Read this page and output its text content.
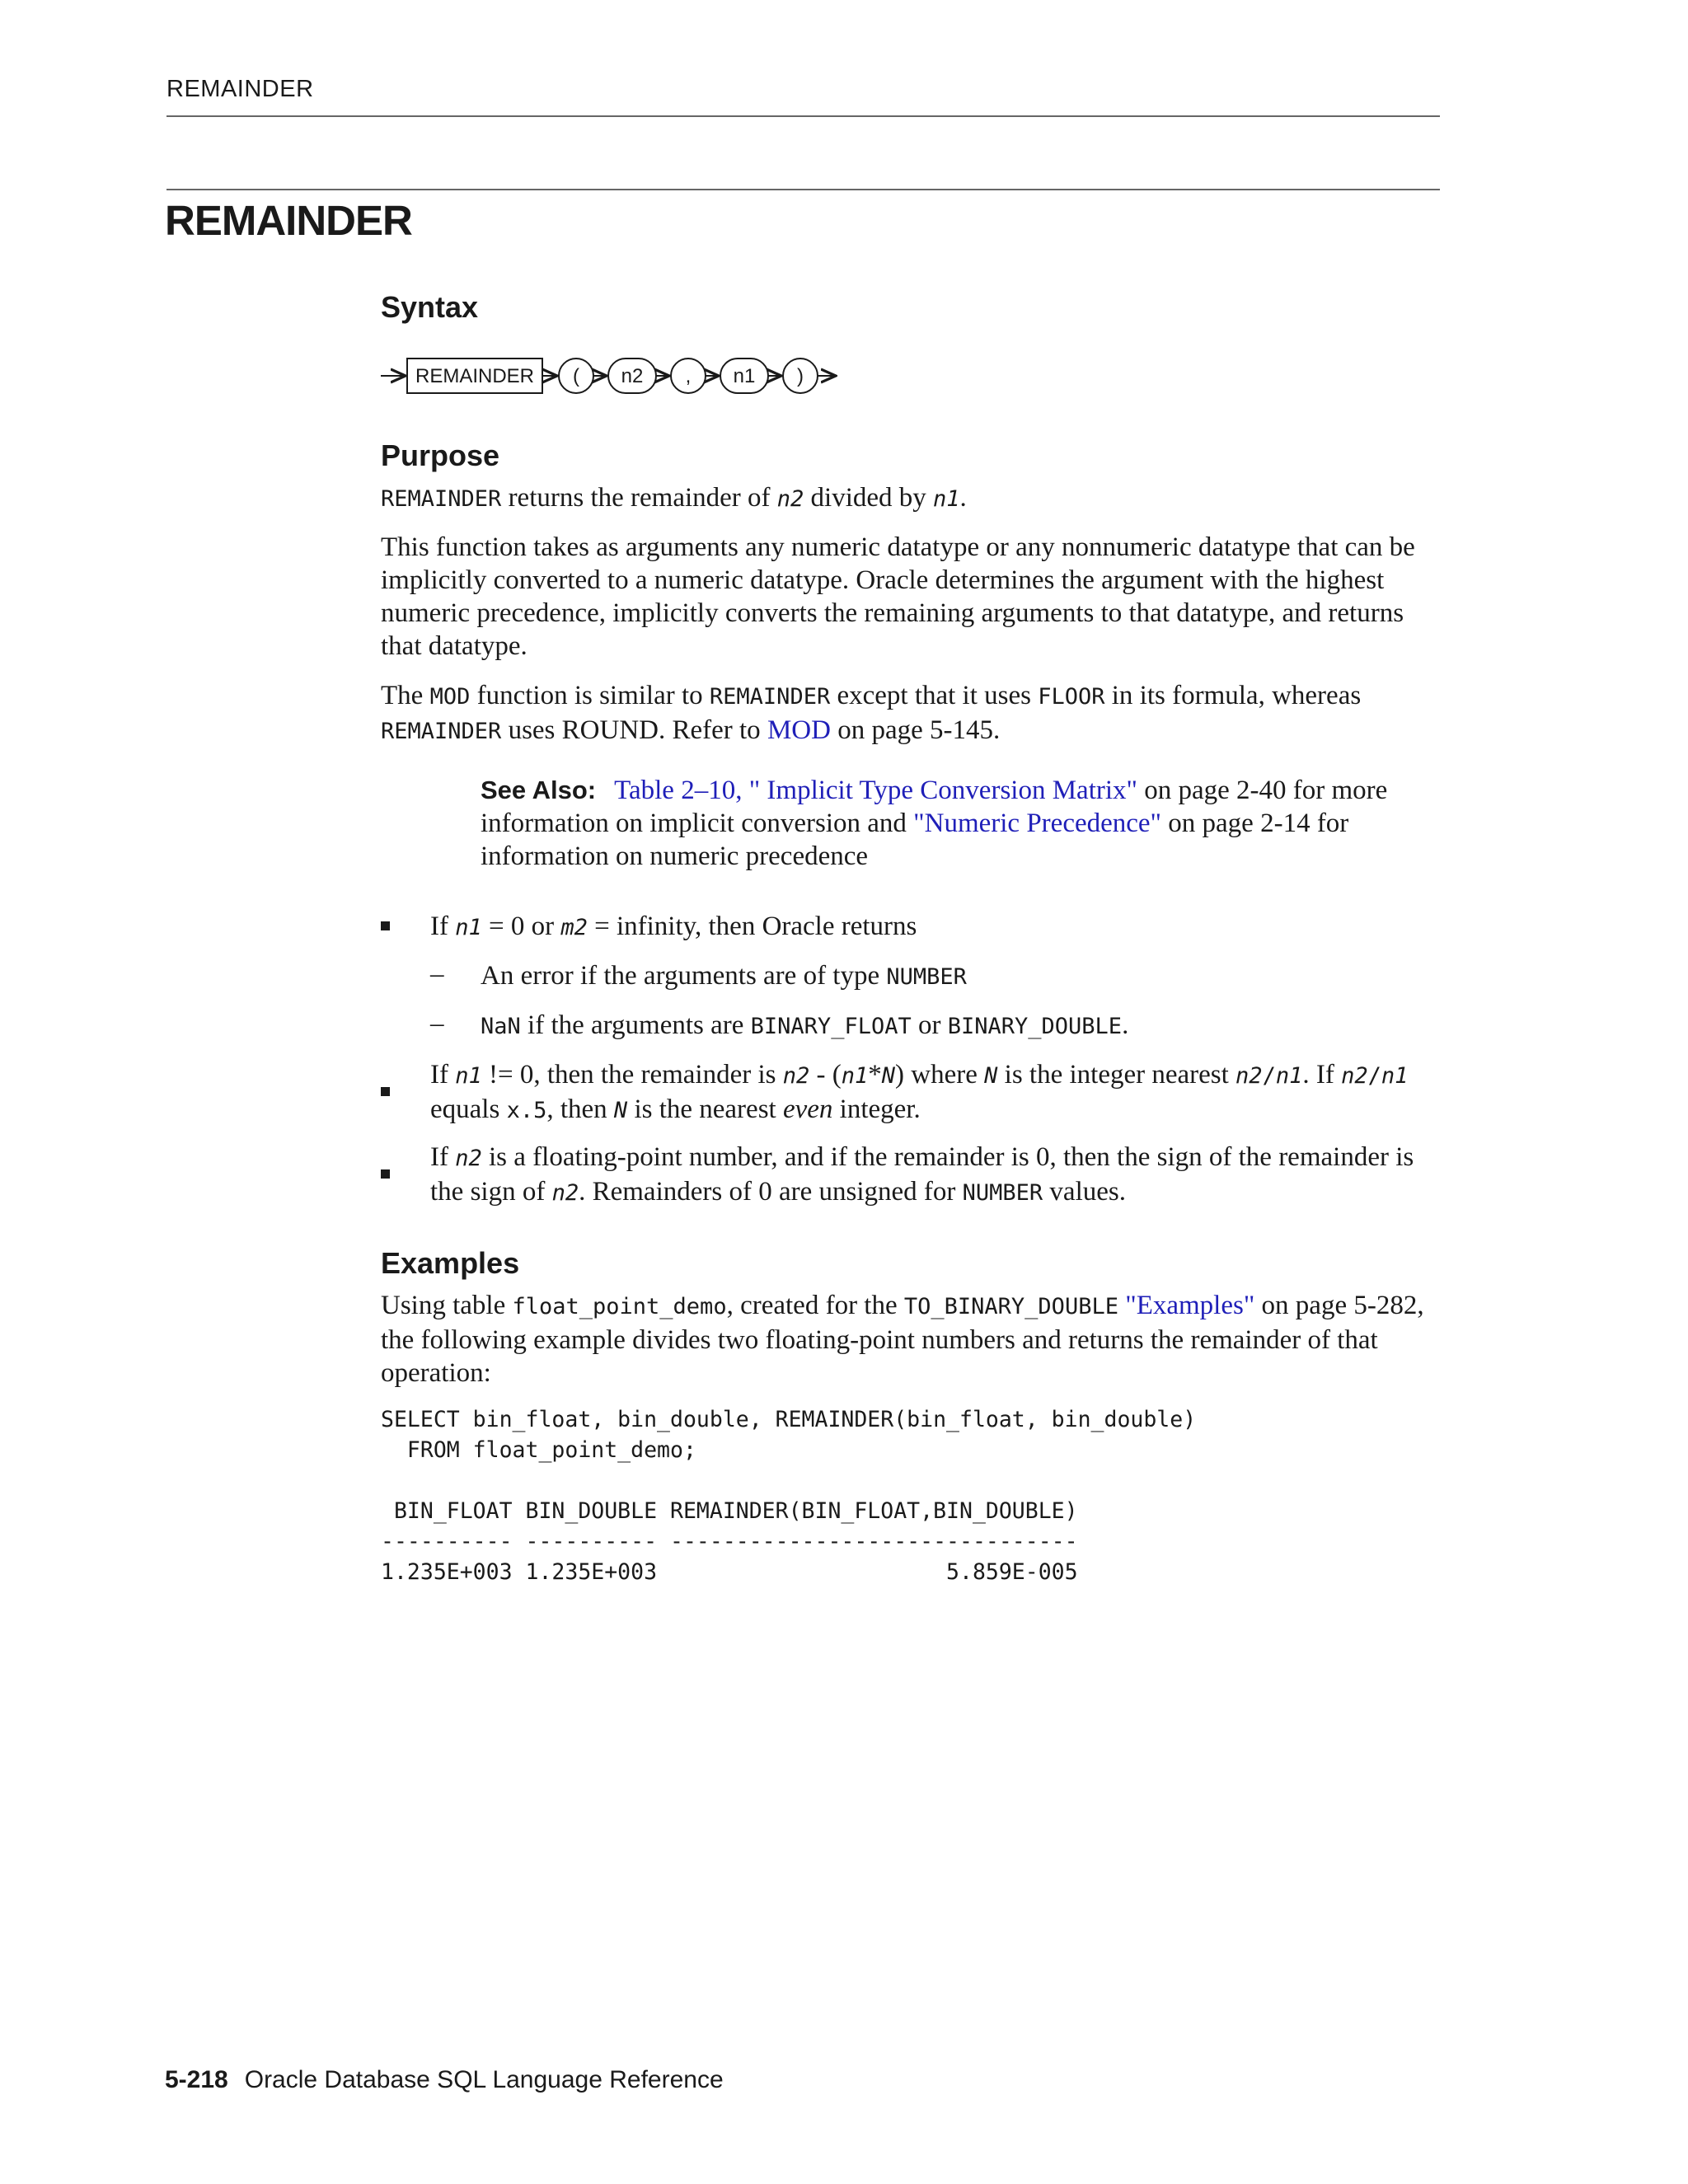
REMAINDER
REMAINDER
Syntax
REMAINDER ( n2 , n1 )
Purpose

REMAINDER returns the remainder of n2 divided by n1.

This function takes as arguments any numeric datatype or any nonnumeric datatype that can be implicitly converted to a numeric datatype. Oracle determines the argument with the highest numeric precedence, implicitly converts the remaining arguments to that datatype, and returns that datatype.

The MOD function is similar to REMAINDER except that it uses FLOOR in its formula, whereas REMAINDER uses ROUND. Refer to MOD on page 5-145.

See Also: Table 2–10, " Implicit Type Conversion Matrix" on page 2-40 for more information on implicit conversion and "Numeric Precedence" on page 2-14 for information on numeric precedence
If n1 = 0 or m2 = infinity, then Oracle returns
– An error if the arguments are of type NUMBER
– NaN if the arguments are BINARY_FLOAT or BINARY_DOUBLE.
If n1 != 0, then the remainder is n2 - (n1*N) where N is the integer nearest n2/n1. If n2/n1 equals x.5, then N is the nearest even integer.
If n2 is a floating-point number, and if the remainder is 0, then the sign of the remainder is the sign of n2. Remainders of 0 are unsigned for NUMBER values.
Examples

Using table float_point_demo, created for the TO_BINARY_DOUBLE "Examples" on page 5-282, the following example divides two floating-point numbers and returns the remainder of that operation:

SELECT bin_float, bin_double, REMAINDER(bin_float, bin_double)
FROM float_point_demo;

BIN_FLOAT BIN_DOUBLE REMAINDER(BIN_FLOAT,BIN_DOUBLE)
---------- ---------- -------------------------------
1.235E+003 1.235E+003                      5.859E-005
5-218 Oracle Database SQL Language Reference
